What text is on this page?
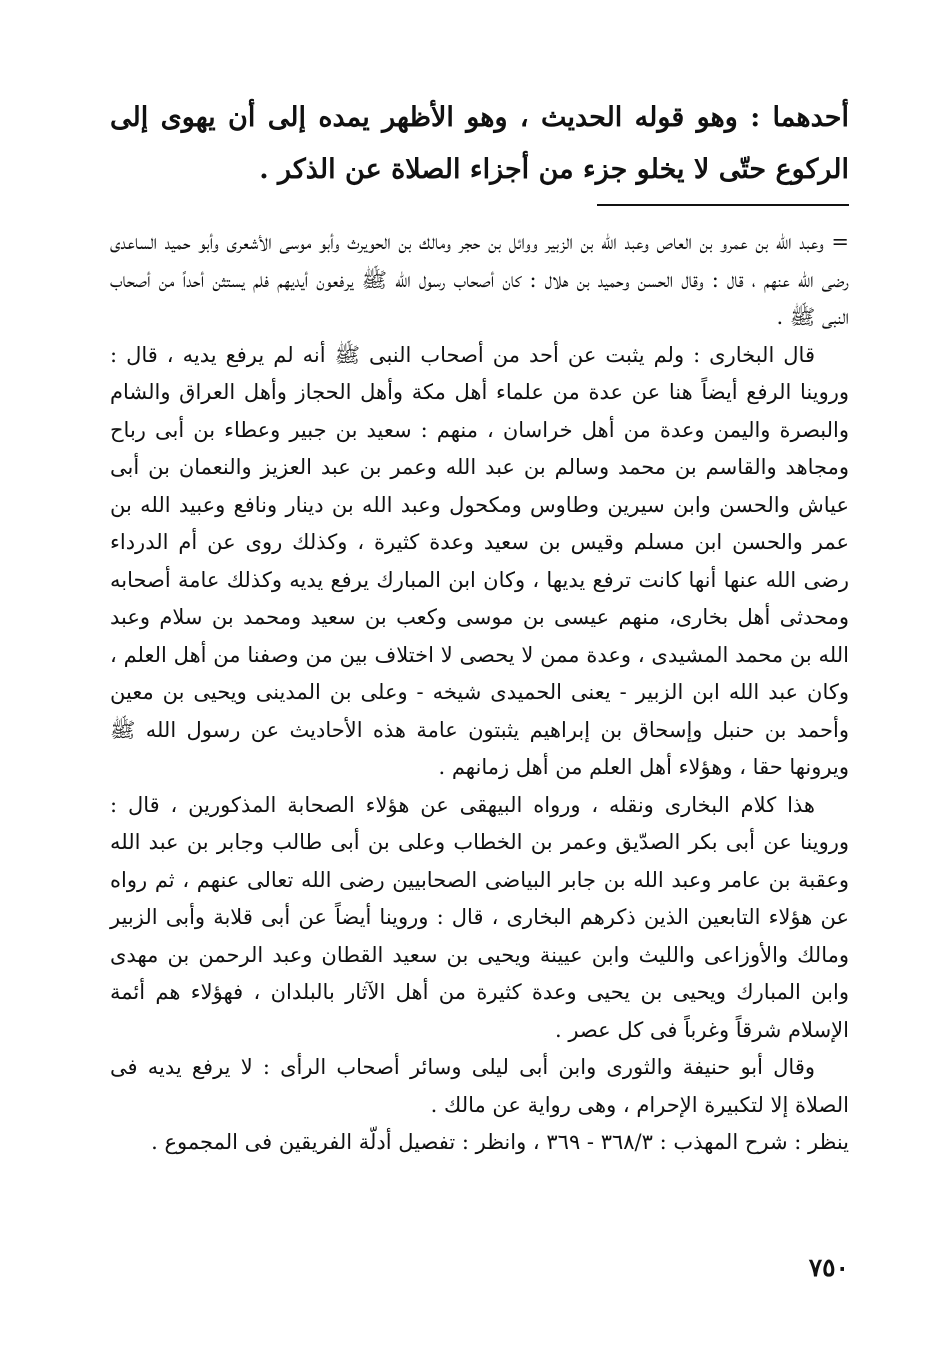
أحدهما : وهو قوله الحديث ، وهو الأظهر يمده إلى أن يهوى إلى الركوع حتّى لا يخلو جزء من أجزاء الصلاة عن الذكر .

= وعبد الله بن عمرو بن العاص وعبد الله بن الزبير ووائل بن حجر ومالك بن الحويرث وأبو موسى الأشعرى وأبو حميد الساعدى رضى الله عنهم ، قال : وقال الحسن وحميد بن هلال : كان أصحاب رسول الله ﷺ يرفعون أيديهم فلم يستثن أحداً من أصحاب النبى ﷺ .

قال البخارى : ولم يثبت عن أحد من أصحاب النبى ﷺ أنه لم يرفع يديه ، قال : وروينا الرفع أيضاً هنا عن عدة من علماء أهل مكة وأهل الحجاز وأهل العراق والشام والبصرة واليمن وعدة من أهل خراسان ، منهم : سعيد بن جبير وعطاء بن أبى رباح ومجاهد والقاسم بن محمد وسالم بن عبد الله وعمر بن عبد العزيز والنعمان بن أبى عياش والحسن وابن سيرين وطاوس ومكحول وعبد الله بن دينار ونافع وعبيد الله بن عمر والحسن ابن مسلم وقيس بن سعيد وعدة كثيرة ، وكذلك روى عن أم الدرداء رضى الله عنها أنها كانت ترفع يديها ، وكان ابن المبارك يرفع يديه وكذلك عامة أصحابه ومحدثى أهل بخارى، منهم عيسى بن موسى وكعب بن سعيد ومحمد بن سلام وعبد الله بن محمد المشيدى ، وعدة ممن لا يحصى لا اختلاف بين من وصفنا من أهل العلم ، وكان عبد الله ابن الزبير - يعنى الحميدى شيخه - وعلى بن المدينى ويحيى بن معين وأحمد بن حنبل وإسحاق بن إبراهيم يثبتون عامة هذه الأحاديث عن رسول الله ﷺ ويرونها حقا ، وهؤلاء أهل العلم من أهل زمانهم .

هذا كلام البخارى ونقله ، ورواه البيهقى عن هؤلاء الصحابة المذكورين ، قال : وروينا عن أبى بكر الصدّيق وعمر بن الخطاب وعلى بن أبى طالب وجابر بن عبد الله وعقبة بن عامر وعبد الله بن جابر البياضى الصحابيين رضى الله تعالى عنهم ، ثم رواه عن هؤلاء التابعين الذين ذكرهم البخارى ، قال : وروينا أيضاً عن أبى قلابة وأبى الزبير ومالك والأوزاعى والليث وابن عيينة ويحيى بن سعيد القطان وعبد الرحمن بن مهدى وابن المبارك ويحيى بن يحيى وعدة كثيرة من أهل الآثار بالبلدان ، فهؤلاء هم أئمة الإسلام شرقاً وغرباً فى كل عصر .

وقال أبو حنيفة والثورى وابن أبى ليلى وسائر أصحاب الرأى : لا يرفع يديه فى الصلاة إلا لتكبيرة الإحرام ، وهى رواية عن مالك .

ينظر : شرح المهذب : ٣٦٨/٣ - ٣٦٩ ، وانظر : تفصيل أدلّة الفريقين فى المجموع .

٧٥٠
